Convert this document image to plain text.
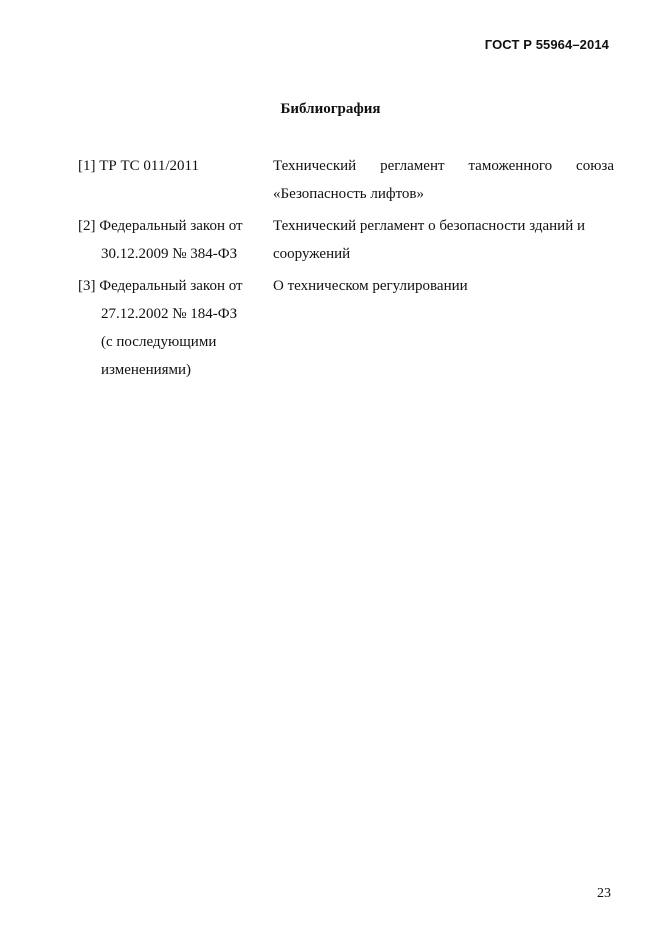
ГОСТ Р 55964–2014
Библиография
[1] ТР ТС 011/2011	Технический регламент таможенного союза
«Безопасность лифтов»
[2] Федеральный закон от
30.12.2009 № 384-ФЗ
Технический регламент о безопасности зданий и
сооружений
[3] Федеральный закон от
27.12.2002 № 184-ФЗ
(с последующими
изменениями)
О техническом регулировании
23
